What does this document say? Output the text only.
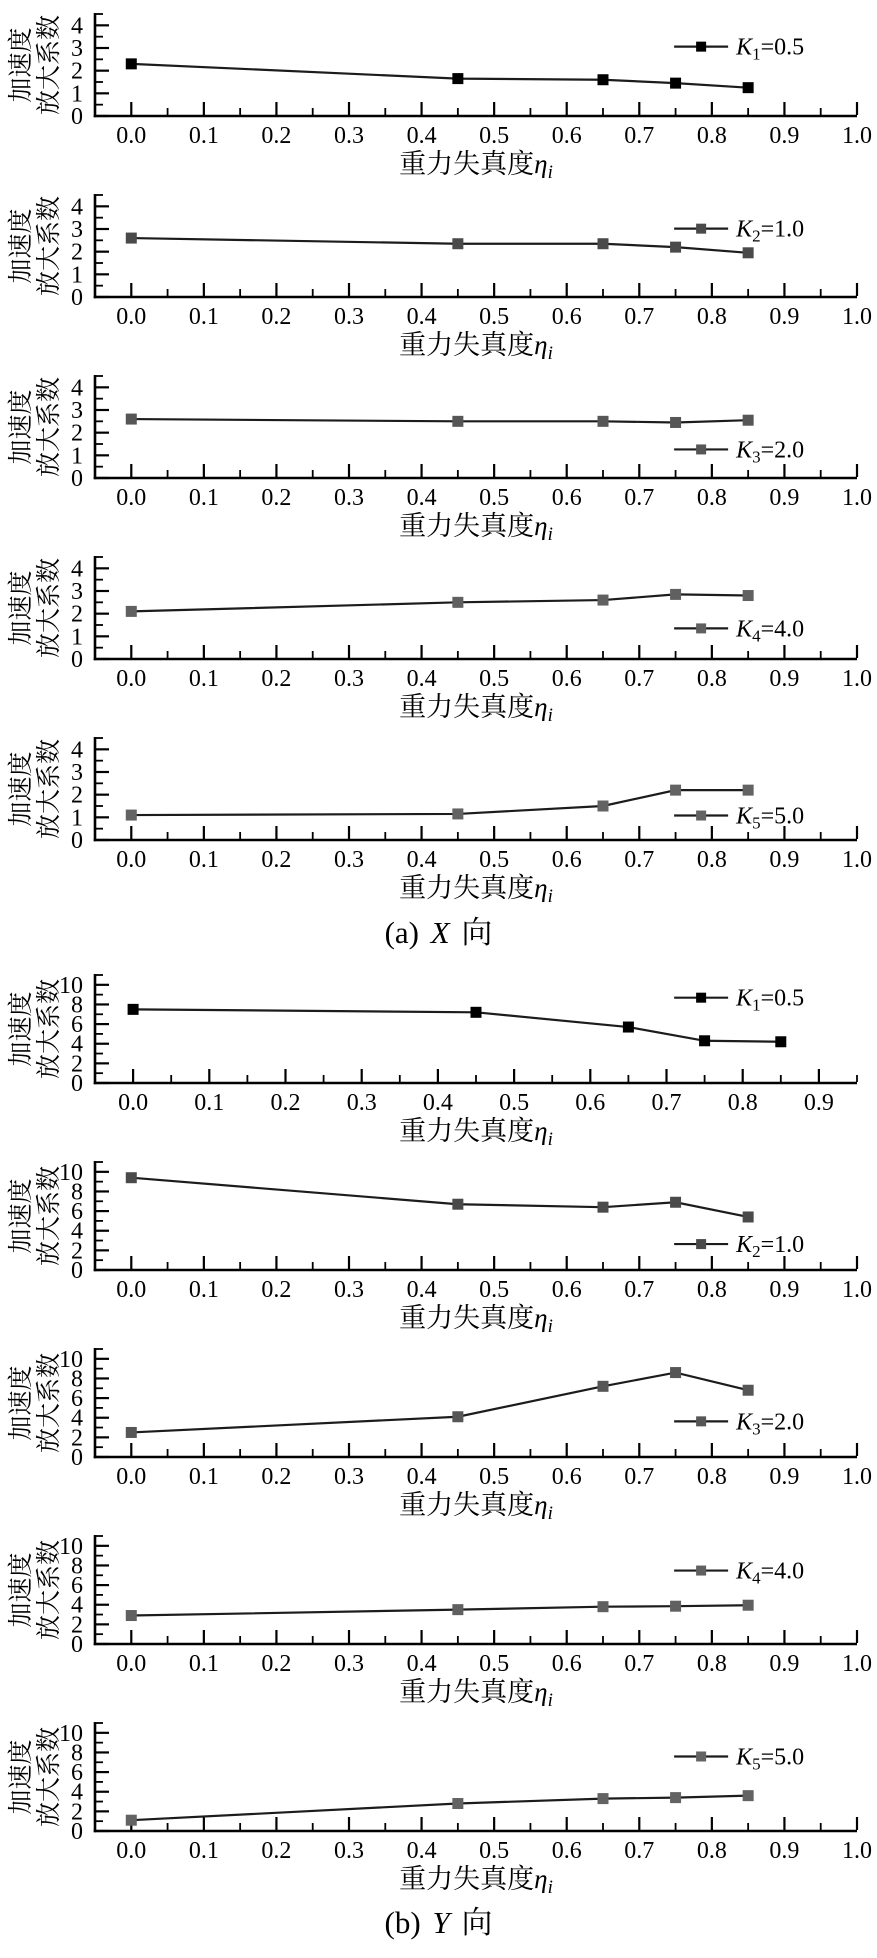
0
1
2
3
4
0.0 0.1 0.2 0.3 0.4 0.5 0.6 0.7 0.8 0.9 1.0
加速度 放大系数
重力失真度ηi
$K_1=0.5$
0
1
2
3
4
0.0 0.1 0.2 0.3 0.4 0.5 0.6 0.7 0.8 0.9 1.0
加速度 放大系数
重力失真度ηi
$K_2=1.0$
0
1
2
3
4
0.0 0.1 0.2 0.3 0.4 0.5 0.6 0.7 0.8 0.9 1.0
加速度 放大系数
重力失真度ηi
$K_3=2.0$
0
1
2
3
4
0.0 0.1 0.2 0.3 0.4 0.5 0.6 0.7 0.8 0.9 1.0
加速度 放大系数
重力失真度ηi
$K_4=4.0$
0
1
2
3
4
0.0 0.1 0.2 0.3 0.4 0.5 0.6 0.7 0.8 0.9 1.0
加速度 放大系数
重力失真度ηi
$K_5=5.0$
(a) X 向
0
2
4
6
8
10
0.0 0.1 0.2 0.3 0.4 0.5 0.6 0.7 0.8 0.9
加速度 放大系数
重力失真度ηi
$K_1=0.5$
0
2
4
6
8
10
0.0 0.1 0.2 0.3 0.4 0.5 0.6 0.7 0.8 0.9 1.0
加速度 放大系数
重力失真度ηi
$K_2=1.0$
0
2
4
6
8
10
0.0 0.1 0.2 0.3 0.4 0.5 0.6 0.7 0.8 0.9 1.0
加速度 放大系数
重力失真度ηi
$K_3=2.0$
0
2
4
6
8
10
0.0 0.1 0.2 0.3 0.4 0.5 0.6 0.7 0.8 0.9 1.0
加速度 放大系数
重力失真度ηi
$K_4=4.0$
0
2
4
6
8
10
0.0 0.1 0.2 0.3 0.4 0.5 0.6 0.7 0.8 0.9 1.0
加速度 放大系数
重力失真度ηi
$K_5=5.0$
(b) Y 向
